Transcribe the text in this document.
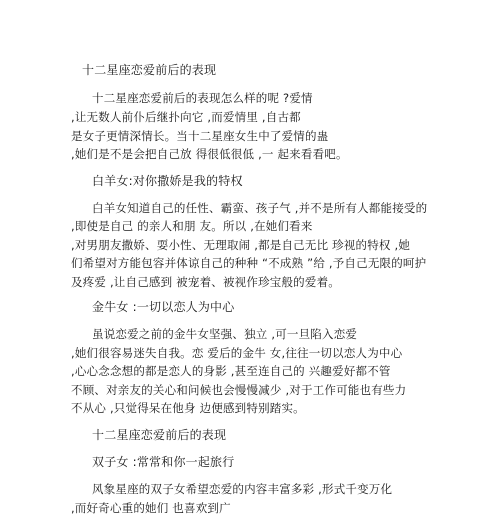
十二星座恋爱前后的表现
十二星座恋爱前后的表现怎么样的呢 ?爱情
,让无数人前仆后继扑向它 ,而爱情里 ,自古都
是女子更情深情长。当十二星座女生中了爱情的蛊
,她们是不是会把自己放 得很低很低 ,一 起来看看吧。
白羊女:对你撒娇是我的特权
白羊女知道自己的任性、霸蛮、孩子气 ,并不是所有人都能接受的
,即使是自己 的亲人和朋 友。所以 ,在她们看来
,对男朋友撒娇、耍小性、无理取闹 ,都是自己无比 珍视的特权 ,她
们希望对方能包容并体谅自己的种种 “不成熟 ”给 ,予自己无限的呵护
及疼爱 ,让自己感到 被宠着、被视作珍宝般的爱着。
金牛女 :一切以恋人为中心
虽说恋爱之前的金牛女坚强、独立 ,可一旦陷入恋爱
,她们很容易迷失自我。恋 爱后的金牛 女,往往一切以恋人为中心
,心心念念想的都是恋人的身影 ,甚至连自己的 兴趣爱好都不管
不顾、对亲友的关心和问候也会慢慢减少 ,对于工作可能也有些力
不从心 ,只觉得呆在他身 边便感到特别踏实。
十二星座恋爱前后的表现
双子女 :常常和你一起旅行
风象星座的双子女希望恋爱的内容丰富多彩 ,形式千变万化
,而好奇心重的她们 也喜欢到广
